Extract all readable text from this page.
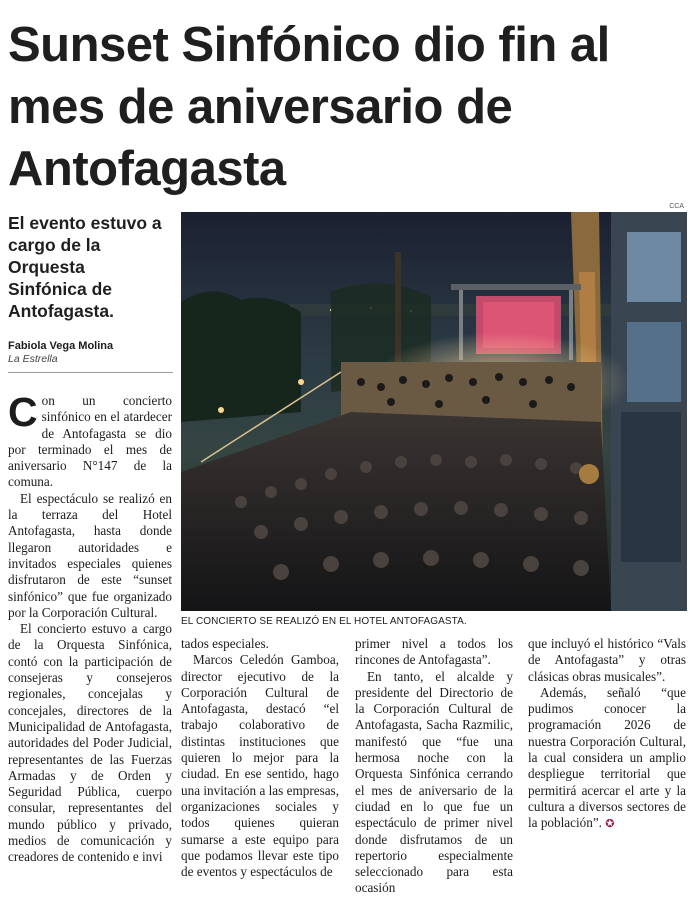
Sunset Sinfónico dio fin al mes de aniversario de Antofagasta
El evento estuvo a cargo de la Orquesta Sinfónica de Antofagasta.
Fabiola Vega Molina
La Estrella

Con un concierto sinfónico en el atardecer de Antofagasta se dio por terminado el mes de aniversario N°147 de la comuna.

El espectáculo se realizó en la terraza del Hotel Antofagasta, hasta donde llegaron autoridades e invitados especiales quienes disfrutaron de este “sunset sinfónico” que fue organizado por la Corporación Cultural.

El concierto estuvo a cargo de la Orquesta Sinfónica, contó con la participación de consejeras y consejeros regionales, concejalas y concejales, directores de la Municipalidad de Antofagasta, autoridades del Poder Judicial, representantes de las Fuerzas Armadas y de Orden y Seguridad Pública, cuerpo consular, representantes del mundo público y privado, medios de comunicación y creadores de contenido e invi

tados especiales.

Marcos Celedón Gamboa, director ejecutivo de la Corporación Cultural de Antofagasta, destacó “el trabajo colaborativo de distintas instituciones que quieren lo mejor para la ciudad. En ese sentido, hago una invitación a las empresas, organizaciones sociales y todos quienes quieran sumarse a este equipo para que podamos llevar este tipo de eventos y espectáculos de

primer nivel a todos los rincones de Antofagasta”.

En tanto, el alcalde y presidente del Directorio de la Corporación Cultural de Antofagasta, Sacha Razmilic, manifestó que “fue una hermosa noche con la Orquesta Sinfónica cerrando el mes de aniversario de la ciudad en lo que fue un espectáculo de primer nivel donde disfrutamos de un repertorio especialmente seleccionado para esta ocasión

que incluyó el histórico “Vals de Antofagasta” y otras clásicas obras musicales”.

Además, señaló “que pudimos conocer la programación 2026 de nuestra Corporación Cultural, la cual considera un amplio despliegue territorial que permitirá acercar el arte y la cultura a diversos sectores de la población”. ✪

CCA
EL CONCIERTO SE REALIZÓ EN EL HOTEL ANTOFAGASTA.
